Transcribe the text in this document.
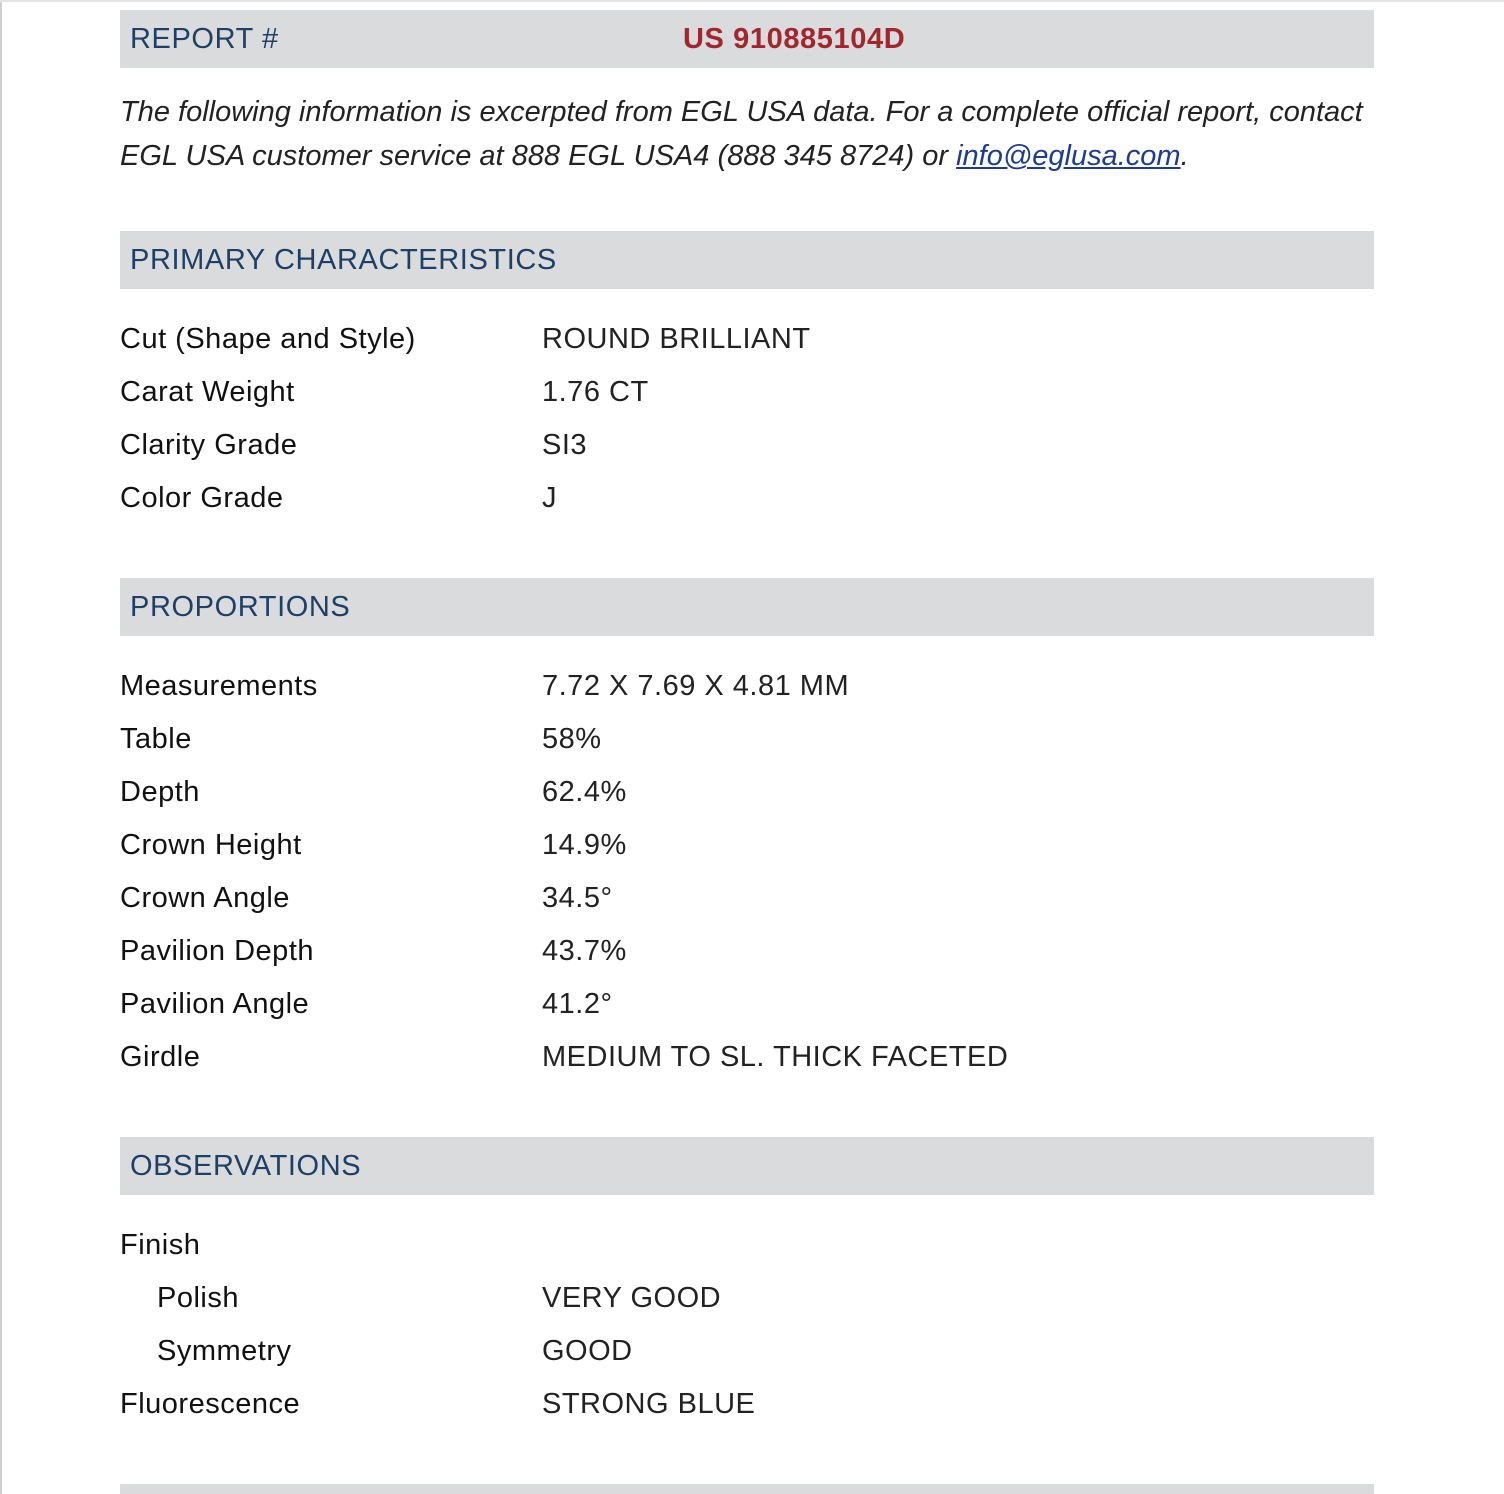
REPORT #	US 910885104D

The following information is excerpted from EGL USA data. For a complete official report, contact EGL USA customer service at 888 EGL USA4 (888 345 8724) or info@eglusa.com.

PRIMARY CHARACTERISTICS
Cut (Shape and Style)	ROUND BRILLIANT
Carat Weight	1.76 CT
Clarity Grade	SI3
Color Grade	J
PROPORTIONS
Measurements	7.72 X 7.69 X 4.81 MM
Table	58%
Depth	62.4%
Crown Height	14.9%
Crown Angle	34.5°
Pavilion Depth	43.7%
Pavilion Angle	41.2°
Girdle	MEDIUM TO SL. THICK FACETED
OBSERVATIONS
Finish
Polish	VERY GOOD
Symmetry	GOOD
Fluorescence	STRONG BLUE
